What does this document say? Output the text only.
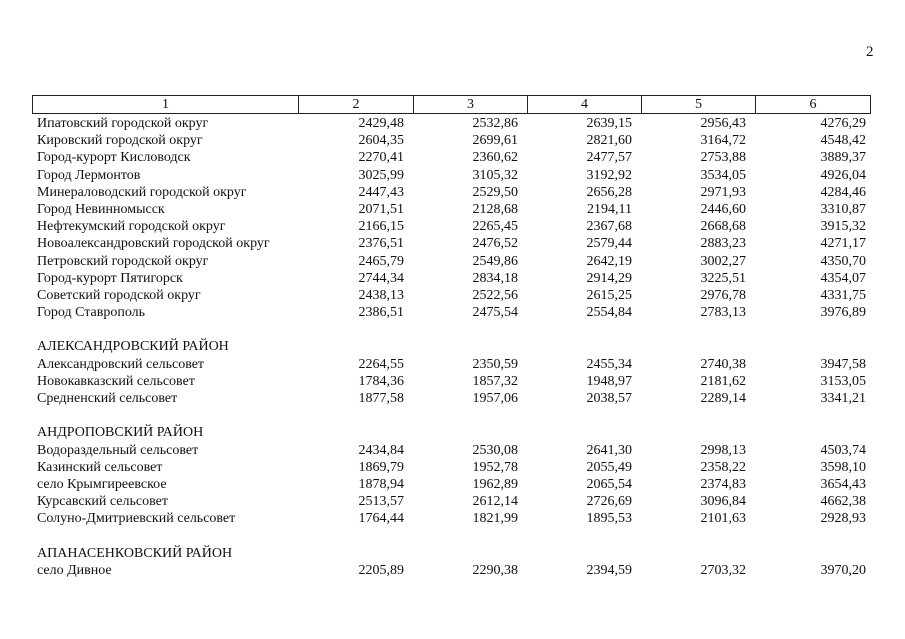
2
1	2	3	4	5	6
Ипатовский городской округ	2429,48	2532,86	2639,15	2956,43	4276,29
Кировский городской округ	2604,35	2699,61	2821,60	3164,72	4548,42
Город-курорт Кисловодск	2270,41	2360,62	2477,57	2753,88	3889,37
Город Лермонтов	3025,99	3105,32	3192,92	3534,05	4926,04
Минераловодский городской округ	2447,43	2529,50	2656,28	2971,93	4284,46
Город Невинномысск	2071,51	2128,68	2194,11	2446,60	3310,87
Нефтекумский городской округ	2166,15	2265,45	2367,68	2668,68	3915,32
Новоалександровский городской округ	2376,51	2476,52	2579,44	2883,23	4271,17
Петровский городской округ	2465,79	2549,86	2642,19	3002,27	4350,70
Город-курорт Пятигорск	2744,34	2834,18	2914,29	3225,51	4354,07
Советский городской округ	2438,13	2522,56	2615,25	2976,78	4331,75
Город Ставрополь	2386,51	2475,54	2554,84	2783,13	3976,89
АЛЕКСАНДРОВСКИЙ РАЙОН
Александровский сельсовет	2264,55	2350,59	2455,34	2740,38	3947,58
Новокавказский сельсовет	1784,36	1857,32	1948,97	2181,62	3153,05
Средненский сельсовет	1877,58	1957,06	2038,57	2289,14	3341,21
АНДРОПОВСКИЙ РАЙОН
Водораздельный сельсовет	2434,84	2530,08	2641,30	2998,13	4503,74
Казинский сельсовет	1869,79	1952,78	2055,49	2358,22	3598,10
село Крымгиреевское	1878,94	1962,89	2065,54	2374,83	3654,43
Курсавский сельсовет	2513,57	2612,14	2726,69	3096,84	4662,38
Солуно-Дмитриевский сельсовет	1764,44	1821,99	1895,53	2101,63	2928,93
АПАНАСЕНКОВСКИЙ РАЙОН
село Дивное	2205,89	2290,38	2394,59	2703,32	3970,20
